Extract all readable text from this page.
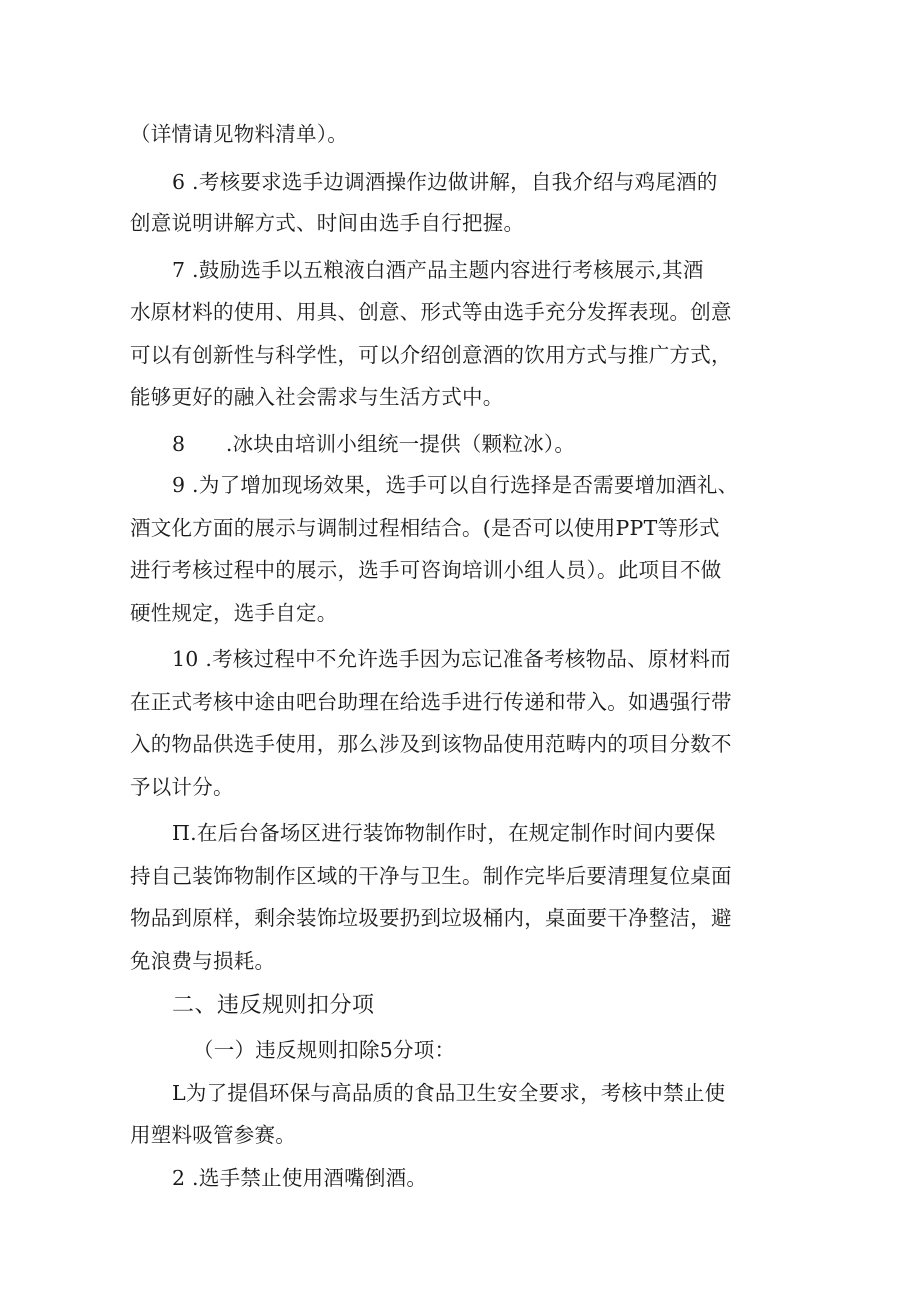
（详情请见物料清单）。
6 .考核要求选手边调酒操作边做讲解，自我介绍与鸡尾酒的
创意说明讲解方式、时间由选手自行把握。
7 .鼓励选手以五粮液白酒产品主题内容进行考核展示,其酒
水原材料的使用、用具、创意、形式等由选手充分发挥表现。创意
可以有创新性与科学性，可以介绍创意酒的饮用方式与推广方式，
能够更好的融入社会需求与生活方式中。
8      .冰块由培训小组统一提供（颗粒冰）。
9 .为了增加现场效果，选手可以自行选择是否需要增加酒礼、
酒文化方面的展示与调制过程相结合。(是否可以使用PPT等形式
进行考核过程中的展示，选手可咨询培训小组人员）。此项目不做
硬性规定，选手自定。
10 .考核过程中不允许选手因为忘记准备考核物品、原材料而
在正式考核中途由吧台助理在给选手进行传递和带入。如遇强行带
入的物品供选手使用，那么涉及到该物品使用范畴内的项目分数不
予以计分。
Π.在后台备场区进行装饰物制作时，在规定制作时间内要保
持自己装饰物制作区域的干净与卫生。制作完毕后要清理复位桌面
物品到原样，剩余装饰垃圾要扔到垃圾桶内，桌面要干净整洁，避
免浪费与损耗。
二、违反规则扣分项
（一）违反规则扣除5分项：
L为了提倡环保与高品质的食品卫生安全要求，考核中禁止使
用塑料吸管参赛。
2 .选手禁止使用酒嘴倒酒。
